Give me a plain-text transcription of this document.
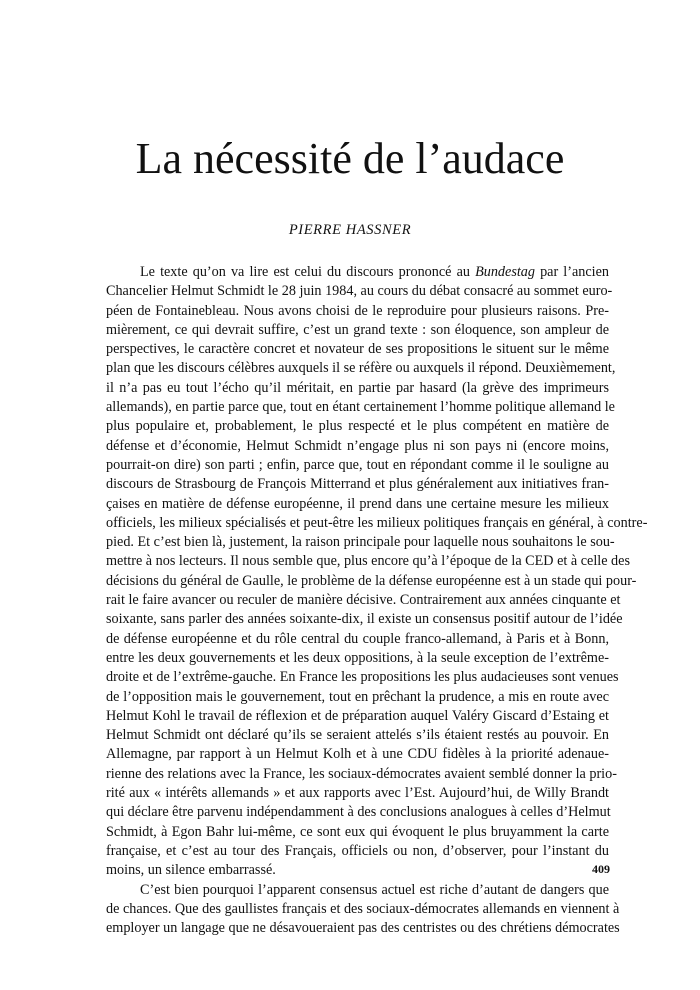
La nécessité de l’audace

PIERRE HASSNER

Le texte qu’on va lire est celui du discours prononcé au Bundestag par l’ancien
Chancelier Helmut Schmidt le 28 juin 1984, au cours du débat consacré au sommet euro-
péen de Fontainebleau. Nous avons choisi de le reproduire pour plusieurs raisons. Pre-
mièrement, ce qui devrait suffire, c’est un grand texte : son éloquence, son ampleur de
perspectives, le caractère concret et novateur de ses propositions le situent sur le même
plan que les discours célèbres auxquels il se réfère ou auxquels il répond. Deuxièmement,
il n’a pas eu tout l’écho qu’il méritait, en partie par hasard (la grève des imprimeurs
allemands), en partie parce que, tout en étant certainement l’homme politique allemand le
plus populaire et, probablement, le plus respecté et le plus compétent en matière de
défense et d’économie, Helmut Schmidt n’engage plus ni son pays ni (encore moins,
pourrait-on dire) son parti ; enfin, parce que, tout en répondant comme il le souligne au
discours de Strasbourg de François Mitterrand et plus généralement aux initiatives fran-
çaises en matière de défense européenne, il prend dans une certaine mesure les milieux
officiels, les milieux spécialisés et peut-être les milieux politiques français en général, à contre-
pied. Et c’est bien là, justement, la raison principale pour laquelle nous souhaitons le sou-
mettre à nos lecteurs. Il nous semble que, plus encore qu’à l’époque de la CED et à celle des
décisions du général de Gaulle, le problème de la défense européenne est à un stade qui pour-
rait le faire avancer ou reculer de manière décisive. Contrairement aux années cinquante et
soixante, sans parler des années soixante-dix, il existe un consensus positif autour de l’idée
de défense européenne et du rôle central du couple franco-allemand, à Paris et à Bonn,
entre les deux gouvernements et les deux oppositions, à la seule exception de l’extrême-
droite et de l’extrême-gauche. En France les propositions les plus audacieuses sont venues
de l’opposition mais le gouvernement, tout en prêchant la prudence, a mis en route avec
Helmut Kohl le travail de réflexion et de préparation auquel Valéry Giscard d’Estaing et
Helmut Schmidt ont déclaré qu’ils se seraient attelés s’ils étaient restés au pouvoir. En
Allemagne, par rapport à un Helmut Kolh et à une CDU fidèles à la priorité adenaue-
rienne des relations avec la France, les sociaux-démocrates avaient semblé donner la prio-
rité aux « intérêts allemands » et aux rapports avec l’Est. Aujourd’hui, de Willy Brandt
qui déclare être parvenu indépendamment à des conclusions analogues à celles d’Helmut
Schmidt, à Egon Bahr lui-même, ce sont eux qui évoquent le plus bruyamment la carte
française, et c’est au tour des Français, officiels ou non, d’observer, pour l’instant du
moins, un silence embarrassé.
C’est bien pourquoi l’apparent consensus actuel est riche d’autant de dangers que
de chances. Que des gaullistes français et des sociaux-démocrates allemands en viennent à
employer un langage que ne désavoueraient pas des centristes ou des chrétiens démocrates
409
